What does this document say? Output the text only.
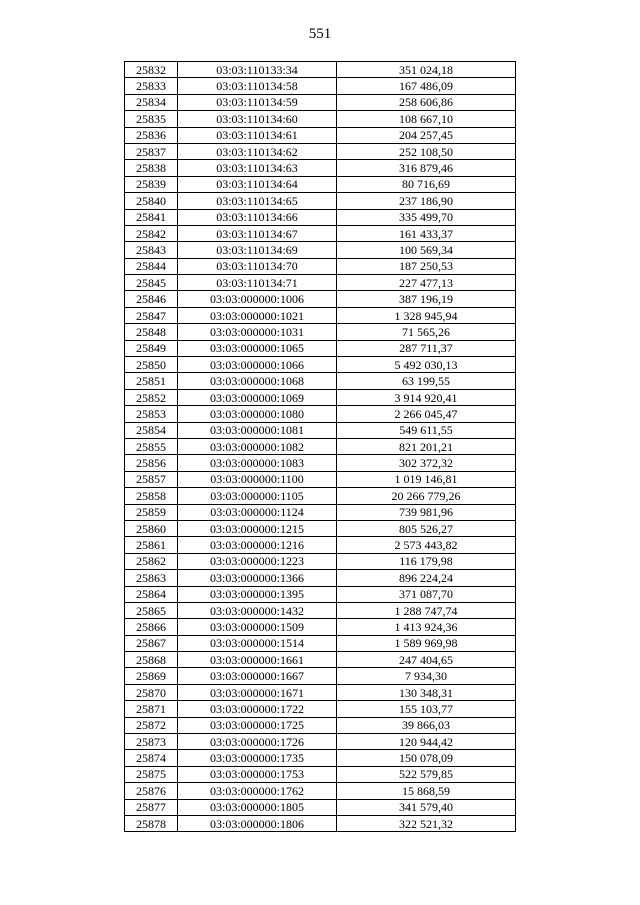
551
25832	03:03:110133:34	351 024,18
25833	03:03:110134:58	167 486,09
25834	03:03:110134:59	258 606,86
25835	03:03:110134:60	108 667,10
25836	03:03:110134:61	204 257,45
25837	03:03:110134:62	252 108,50
25838	03:03:110134:63	316 879,46
25839	03:03:110134:64	80 716,69
25840	03:03:110134:65	237 186,90
25841	03:03:110134:66	335 499,70
25842	03:03:110134:67	161 433,37
25843	03:03:110134:69	100 569,34
25844	03:03:110134:70	187 250,53
25845	03:03:110134:71	227 477,13
25846	03:03:000000:1006	387 196,19
25847	03:03:000000:1021	1 328 945,94
25848	03:03:000000:1031	71 565,26
25849	03:03:000000:1065	287 711,37
25850	03:03:000000:1066	5 492 030,13
25851	03:03:000000:1068	63 199,55
25852	03:03:000000:1069	3 914 920,41
25853	03:03:000000:1080	2 266 045,47
25854	03:03:000000:1081	549 611,55
25855	03:03:000000:1082	821 201,21
25856	03:03:000000:1083	302 372,32
25857	03:03:000000:1100	1 019 146,81
25858	03:03:000000:1105	20 266 779,26
25859	03:03:000000:1124	739 981,96
25860	03:03:000000:1215	805 526,27
25861	03:03:000000:1216	2 573 443,82
25862	03:03:000000:1223	116 179,98
25863	03:03:000000:1366	896 224,24
25864	03:03:000000:1395	371 087,70
25865	03:03:000000:1432	1 288 747,74
25866	03:03:000000:1509	1 413 924,36
25867	03:03:000000:1514	1 589 969,98
25868	03:03:000000:1661	247 404,65
25869	03:03:000000:1667	7 934,30
25870	03:03:000000:1671	130 348,31
25871	03:03:000000:1722	155 103,77
25872	03:03:000000:1725	39 866,03
25873	03:03:000000:1726	120 944,42
25874	03:03:000000:1735	150 078,09
25875	03:03:000000:1753	522 579,85
25876	03:03:000000:1762	15 868,59
25877	03:03:000000:1805	341 579,40
25878	03:03:000000:1806	322 521,32
